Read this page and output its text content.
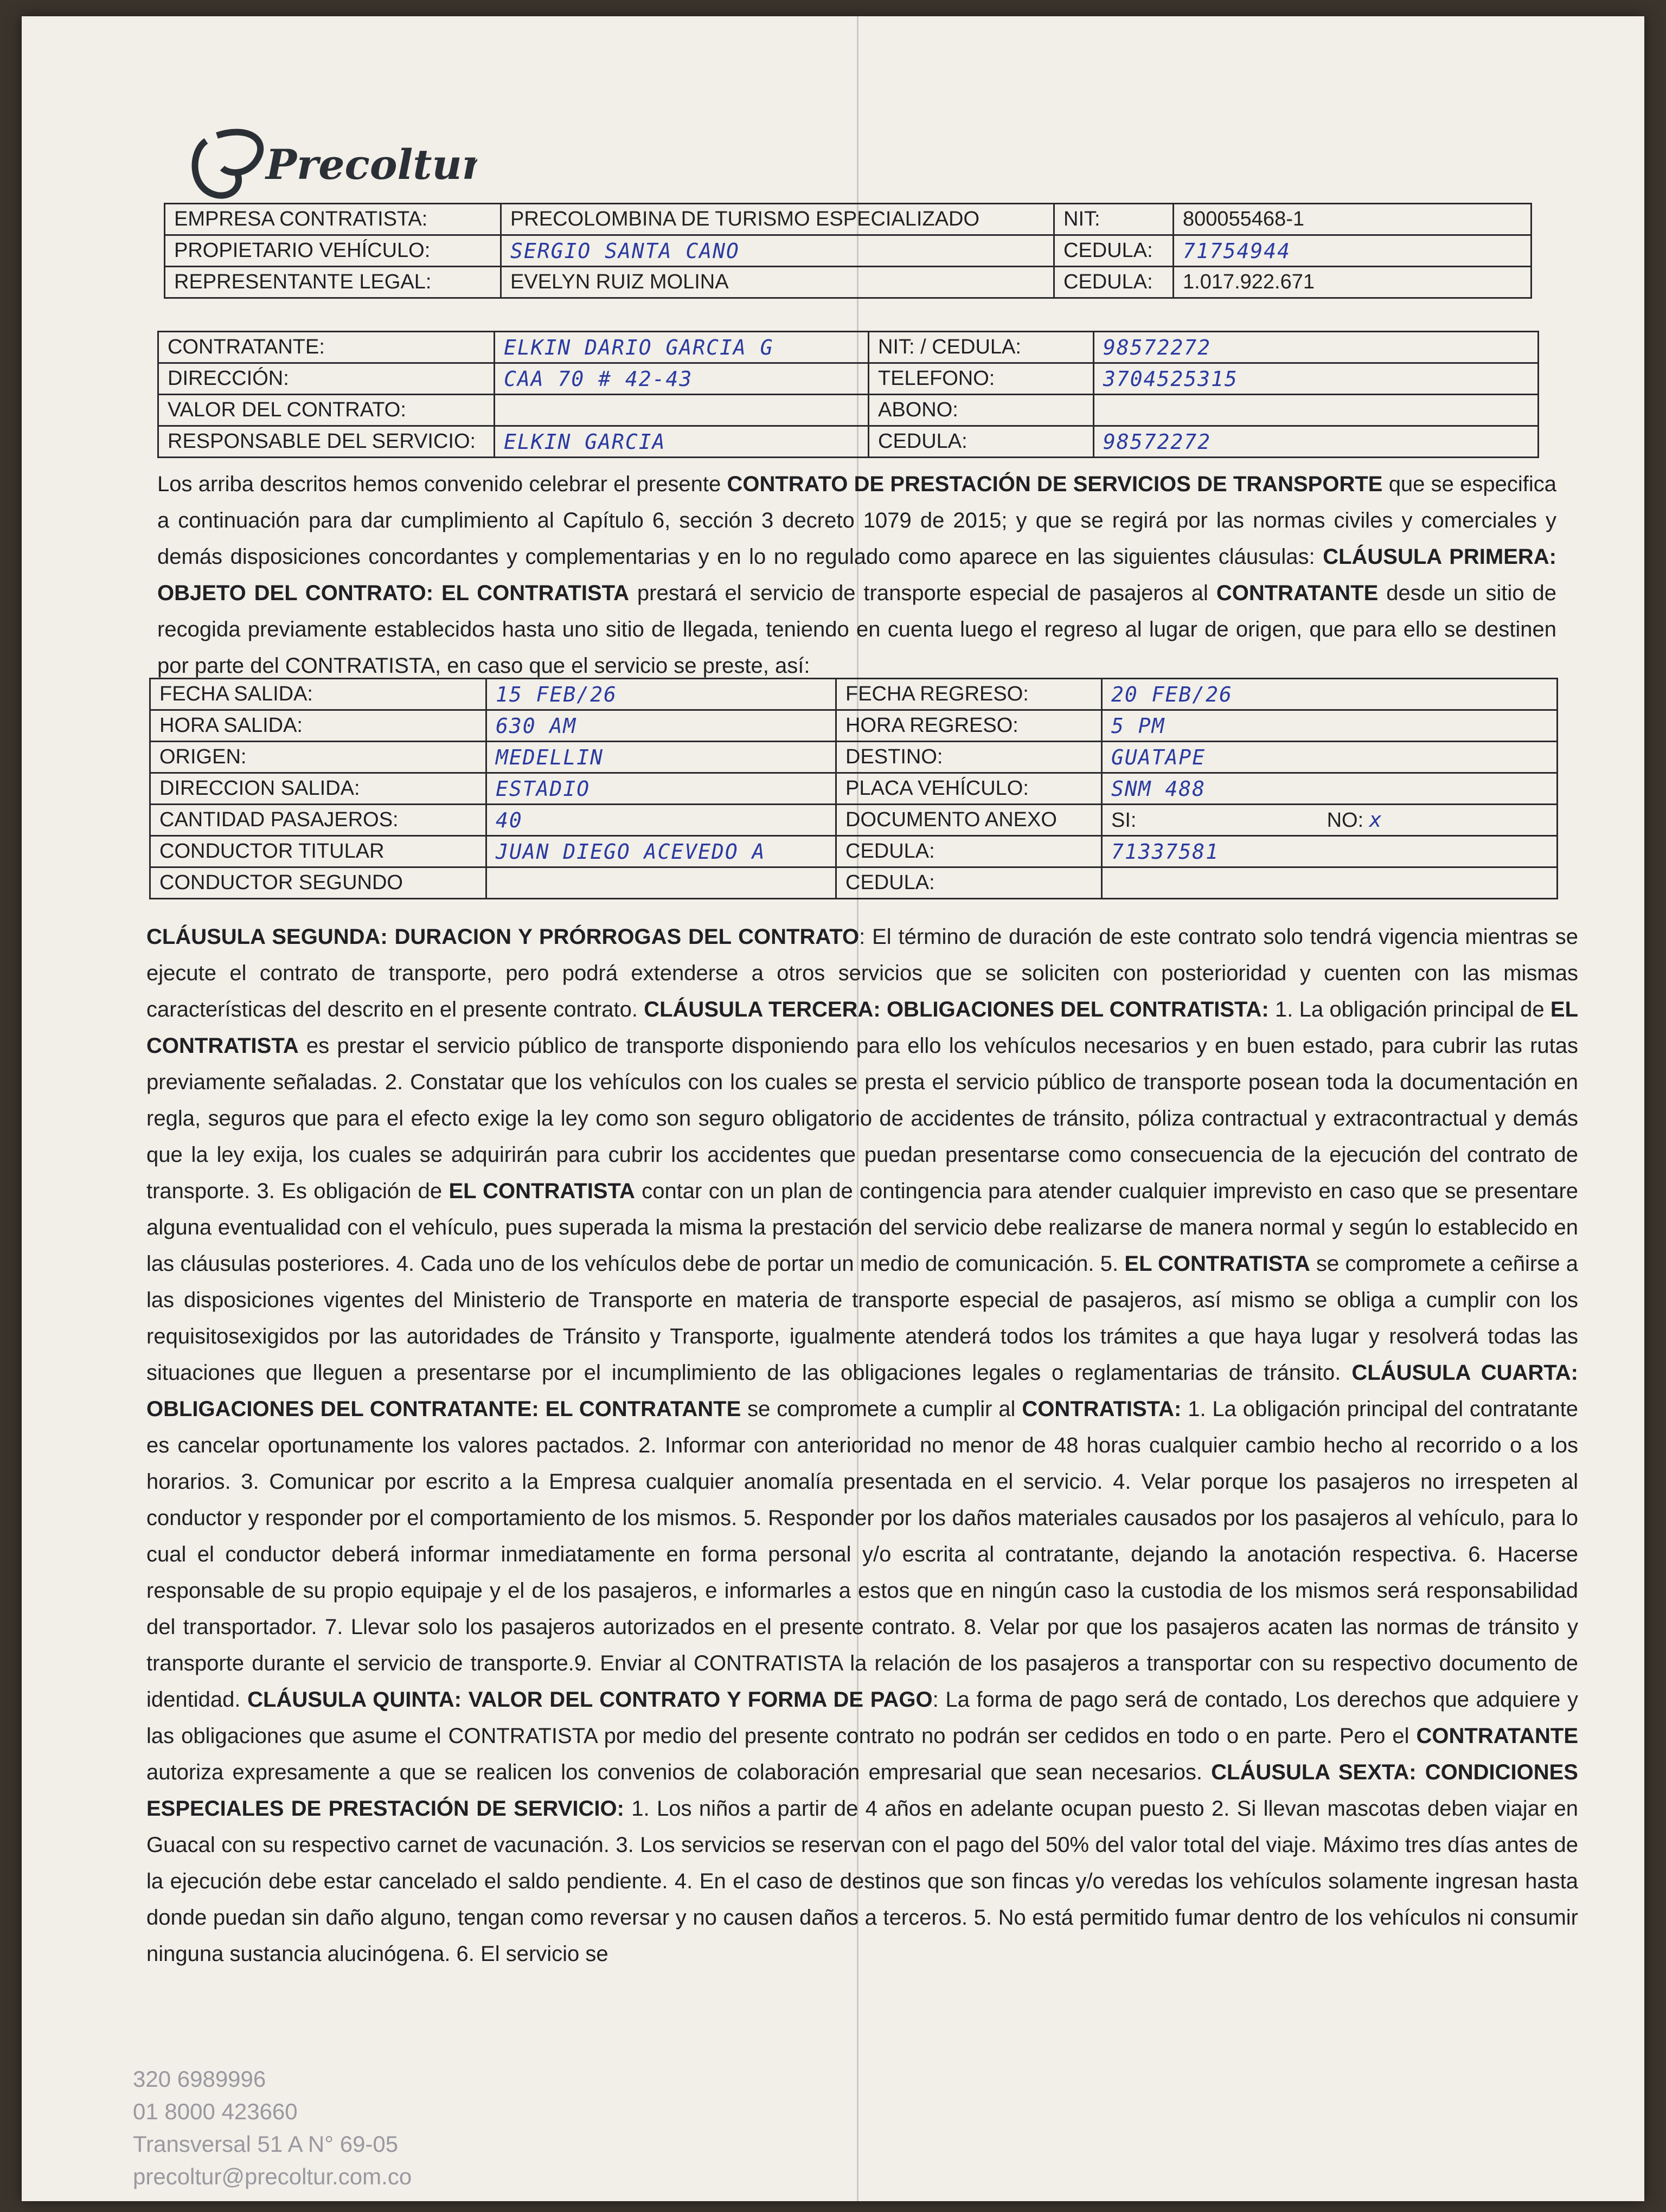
Precoltur
EMPRESA CONTRATISTA:	PRECOLOMBINA DE TURISMO ESPECIALIZADO	NIT:	800055468-1
PROPIETARIO VEHÍCULO:	SERGIO SANTA CANO	CEDULA:	71754944
REPRESENTANTE LEGAL:	EVELYN RUIZ MOLINA	CEDULA:	1.017.922.671
CONTRATANTE:	ELKIN DARIO GARCIA G	NIT: / CEDULA:	98572272
DIRECCIÓN:	CAA 70 # 42-43	TELEFONO:	3704525315
VALOR DEL CONTRATO:		ABONO:	
RESPONSABLE DEL SERVICIO:	ELKIN GARCIA	CEDULA:	98572272
Los arriba descritos hemos convenido celebrar el presente CONTRATO DE PRESTACIÓN DE SERVICIOS DE TRANSPORTE que se especifica a continuación para dar cumplimiento al Capítulo 6, sección 3 decreto 1079 de 2015; y que se regirá por las normas civiles y comerciales y demás disposiciones concordantes y complementarias y en lo no regulado como aparece en las siguientes cláusulas: CLÁUSULA PRIMERA: OBJETO DEL CONTRATO: EL CONTRATISTA prestará el servicio de transporte especial de pasajeros al CONTRATANTE desde un sitio de recogida previamente establecidos hasta uno sitio de llegada, teniendo en cuenta luego el regreso al lugar de origen, que para ello se destinen por parte del CONTRATISTA, en caso que el servicio se preste, así:
FECHA SALIDA:	15 FEB/26	FECHA REGRESO:	20 FEB/26
HORA SALIDA:	630 AM	HORA REGRESO:	5 PM
ORIGEN:	MEDELLIN	DESTINO:	GUATAPE
DIRECCION SALIDA:	ESTADIO	PLACA VEHÍCULO:	SNM 488
CANTIDAD PASAJEROS:	40	DOCUMENTO ANEXO	SI: NO: x
CONDUCTOR TITULAR	JUAN DIEGO ACEVEDO A	CEDULA:	71337581
CONDUCTOR SEGUNDO		CEDULA:	
CLÁUSULA SEGUNDA: DURACION Y PRÓRROGAS DEL CONTRATO: El término de duración de este contrato solo tendrá vigencia mientras se ejecute el contrato de transporte, pero podrá extenderse a otros servicios que se soliciten con posterioridad y cuenten con las mismas características del descrito en el presente contrato. CLÁUSULA TERCERA: OBLIGACIONES DEL CONTRATISTA: 1. La obligación principal de EL CONTRATISTA es prestar el servicio público de transporte disponiendo para ello los vehículos necesarios y en buen estado, para cubrir las rutas previamente señaladas. 2. Constatar que los vehículos con los cuales se presta el servicio público de transporte posean toda la documentación en regla, seguros que para el efecto exige la ley como son seguro obligatorio de accidentes de tránsito, póliza contractual y extracontractual y demás que la ley exija, los cuales se adquirirán para cubrir los accidentes que puedan presentarse como consecuencia de la ejecución del contrato de transporte. 3. Es obligación de EL CONTRATISTA contar con un plan de contingencia para atender cualquier imprevisto en caso que se presentare alguna eventualidad con el vehículo, pues superada la misma la prestación del servicio debe realizarse de manera normal y según lo establecido en las cláusulas posteriores. 4. Cada uno de los vehículos debe de portar un medio de comunicación. 5. EL CONTRATISTA se compromete a ceñirse a las disposiciones vigentes del Ministerio de Transporte en materia de transporte especial de pasajeros, así mismo se obliga a cumplir con los requisitosexigidos por las autoridades de Tránsito y Transporte, igualmente atenderá todos los trámites a que haya lugar y resolverá todas las situaciones que lleguen a presentarse por el incumplimiento de las obligaciones legales o reglamentarias de tránsito. CLÁUSULA CUARTA: OBLIGACIONES DEL CONTRATANTE: EL CONTRATANTE se compromete a cumplir al CONTRATISTA: 1. La obligación principal del contratante es cancelar oportunamente los valores pactados. 2. Informar con anterioridad no menor de 48 horas cualquier cambio hecho al recorrido o a los horarios. 3. Comunicar por escrito a la Empresa cualquier anomalía presentada en el servicio. 4. Velar porque los pasajeros no irrespeten al conductor y responder por el comportamiento de los mismos. 5. Responder por los daños materiales causados por los pasajeros al vehículo, para lo cual el conductor deberá informar inmediatamente en forma personal y/o escrita al contratante, dejando la anotación respectiva. 6. Hacerse responsable de su propio equipaje y el de los pasajeros, e informarles a estos que en ningún caso la custodia de los mismos será responsabilidad del transportador. 7. Llevar solo los pasajeros autorizados en el presente contrato. 8. Velar por que los pasajeros acaten las normas de tránsito y transporte durante el servicio de transporte.9. Enviar al CONTRATISTA la relación de los pasajeros a transportar con su respectivo documento de identidad. CLÁUSULA QUINTA: VALOR DEL CONTRATO Y FORMA DE PAGO: La forma de pago será de contado, Los derechos que adquiere y las obligaciones que asume el CONTRATISTA por medio del presente contrato no podrán ser cedidos en todo o en parte. Pero el CONTRATANTE autoriza expresamente a que se realicen los convenios de colaboración empresarial que sean necesarios. CLÁUSULA SEXTA: CONDICIONES ESPECIALES DE PRESTACIÓN DE SERVICIO: 1. Los niños a partir de 4 años en adelante ocupan puesto 2. Si llevan mascotas deben viajar en Guacal con su respectivo carnet de vacunación. 3. Los servicios se reservan con el pago del 50% del valor total del viaje. Máximo tres días antes de la ejecución debe estar cancelado el saldo pendiente. 4. En el caso de destinos que son fincas y/o veredas los vehículos solamente ingresan hasta donde puedan sin daño alguno, tengan como reversar y no causen daños a terceros. 5. No está permitido fumar dentro de los vehículos ni consumir ninguna sustancia alucinógena. 6. El servicio se
320 6989996
01 8000 423660
Transversal 51 A N° 69-05
precoltur@precoltur.com.co
